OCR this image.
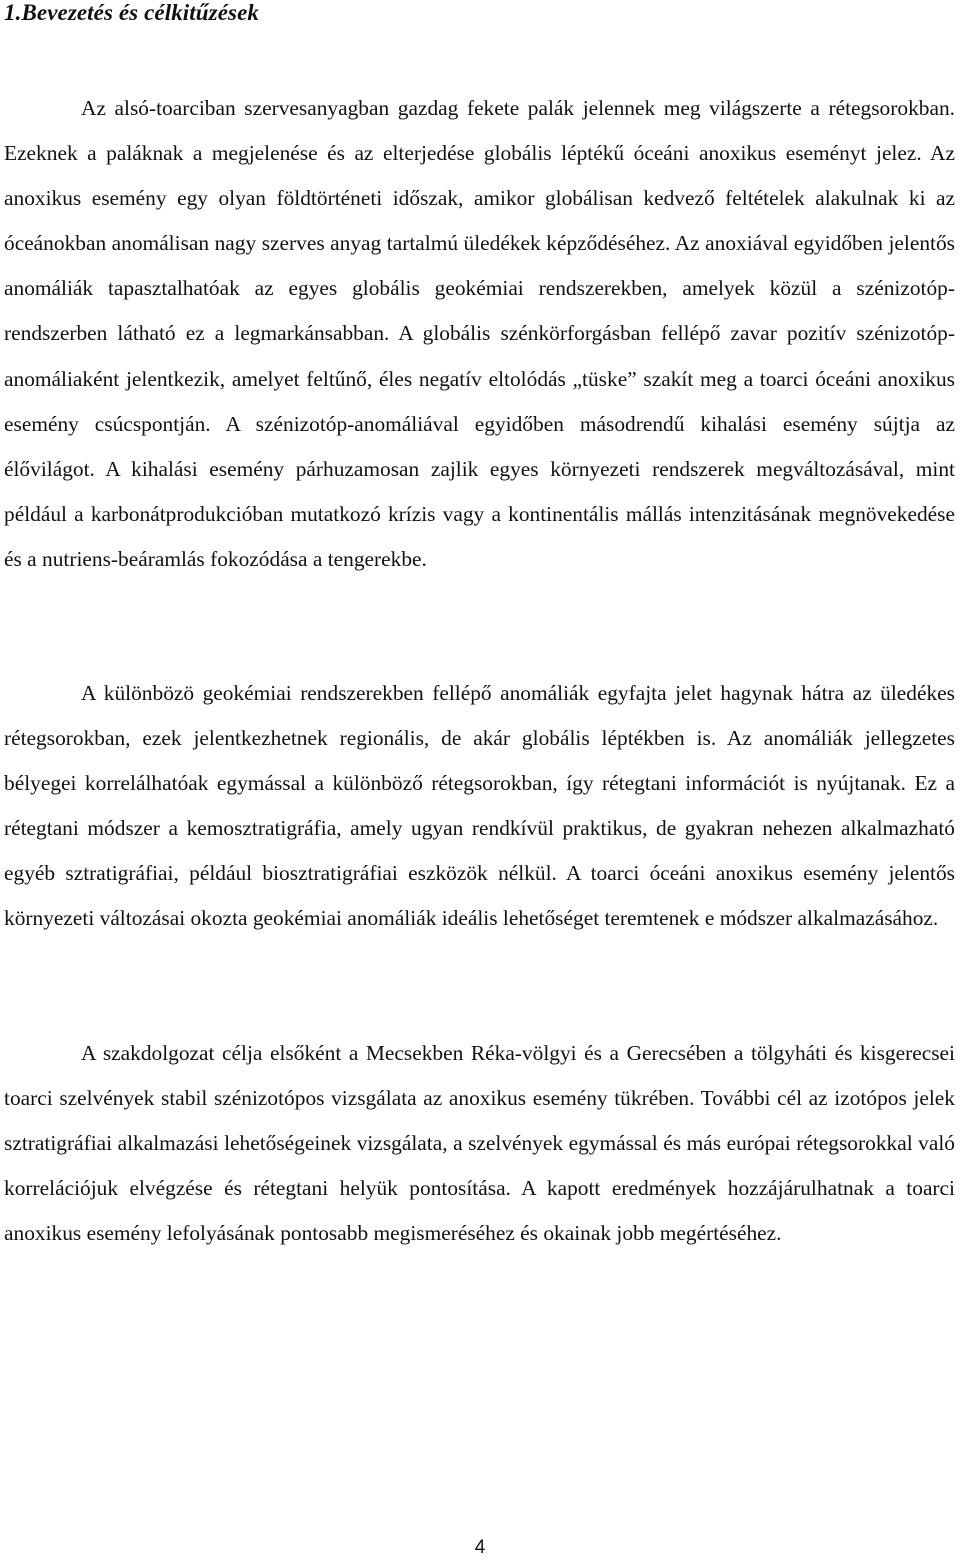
1.Bevezetés és célkitűzések

Az alsó-toarciban szervesanyagban gazdag fekete palák jelennek meg világszerte a rétegsorokban. Ezeknek a paláknak a megjelenése és az elterjedése globális léptékű óceáni anoxikus eseményt jelez. Az anoxikus esemény egy olyan földtörténeti időszak, amikor globálisan kedvező feltételek alakulnak ki az óceánokban anomálisan nagy szerves anyag tartalmú üledékek képződéséhez. Az anoxiával egyidőben jelentős anomáliák tapasztalhatóak az egyes globális geokémiai rendszerekben, amelyek közül a szénizotóp-rendszerben látható ez a legmarkánsabban. A globális szénkörforgásban fellépő zavar pozitív szénizotóp-anomáliaként jelentkezik, amelyet feltűnő, éles negatív eltolódás „tüske” szakít meg a toarci óceáni anoxikus esemény csúcspontján. A szénizotóp-anomáliával egyidőben másodrendű kihalási esemény sújtja az élővilágot. A kihalási esemény párhuzamosan zajlik egyes környezeti rendszerek megváltozásával, mint például a karbonátprodukcióban mutatkozó krízis vagy a kontinentális mállás intenzitásának megnövekedése és a nutriens-beáramlás fokozódása a tengerekbe.

A különbözö geokémiai rendszerekben fellépő anomáliák egyfajta jelet hagynak hátra az üledékes rétegsorokban, ezek jelentkezhetnek regionális, de akár globális léptékben is. Az anomáliák jellegzetes bélyegei korrelálhatóak egymással a különböző rétegsorokban, így rétegtani információt is nyújtanak. Ez a rétegtani módszer a kemosztratigráfia, amely ugyan rendkívül praktikus, de gyakran nehezen alkalmazható egyéb sztratigráfiai, például biosztratigráfiai eszközök nélkül. A toarci óceáni anoxikus esemény jelentős környezeti változásai okozta geokémiai anomáliák ideális lehetőséget teremtenek e módszer alkalmazásához.

A szakdolgozat célja elsőként a Mecsekben Réka-völgyi és a Gerecsében a tölgyháti és kisgerecsei toarci szelvények stabil szénizotópos vizsgálata az anoxikus esemény tükrében. További cél az izotópos jelek sztratigráfiai alkalmazási lehetőségeinek vizsgálata, a szelvények egymással és más európai rétegsorokkal való korrelációjuk elvégzése és rétegtani helyük pontosítása. A kapott eredmények hozzájárulhatnak a toarci anoxikus esemény lefolyásának pontosabb megismeréséhez és okainak jobb megértéséhez.

4
